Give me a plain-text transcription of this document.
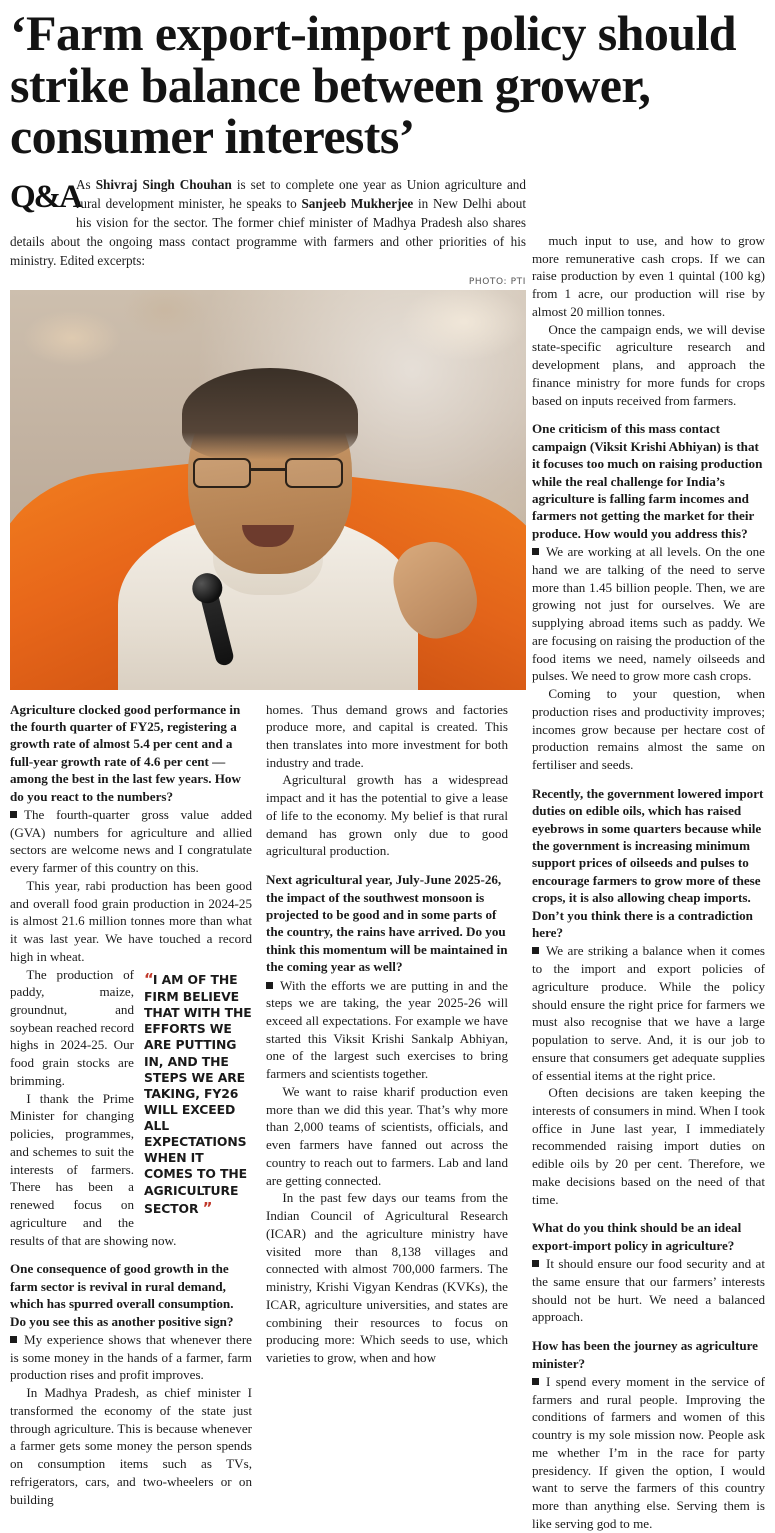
‘Farm export-import policy should strike balance between grower, consumer interests’
Q&A
As Shivraj Singh Chouhan is set to complete one year as Union agriculture and rural development minister, he speaks to Sanjeeb Mukherjee in New Delhi about his vision for the sector. The former chief minister of Madhya Pradesh also shares details about the ongoing mass contact programme with farmers and other priorities of his ministry. Edited excerpts:
PHOTO: PTI

much input to use, and how to grow more remunerative cash crops. If we can raise production by even 1 quintal (100 kg) from 1 acre, our production will rise by almost 20 million tonnes.

Once the campaign ends, we will devise state-specific agriculture research and development plans, and approach the finance ministry for more funds for crops based on inputs received from farmers.

One criticism of this mass contact campaign (Viksit Krishi Abhiyan) is that it focuses too much on raising production while the real challenge for India’s agriculture is falling farm incomes and farmers not getting the market for their produce. How would you address this?

We are working at all levels. On the one hand we are talking of the need to serve more than 1.45 billion people. Then, we are growing not just for ourselves. We are supplying abroad items such as paddy. We are focusing on raising the production of the food items we need, namely oilseeds and pulses. We need to grow more cash crops.

Coming to your question, when production rises and productivity improves; incomes grow because per hectare cost of production remains almost the same on fertiliser and seeds.

Recently, the government lowered import duties on edible oils, which has raised eyebrows in some quarters because while the government is increasing minimum support prices of oilseeds and pulses to encourage farmers to grow more of these crops, it is also allowing cheap imports. Don’t you think there is a contradiction here?

We are striking a balance when it comes to the import and export policies of agriculture produce. While the policy should ensure the right price for farmers we must also recognise that we have a large population to serve. And, it is our job to ensure that consumers get adequate supplies of essential items at the right price.

Often decisions are taken keeping the interests of consumers in mind. When I took office in June last year, I immediately recommended raising import duties on edible oils by 20 per cent. Therefore, we make decisions based on the need of that time.

What do you think should be an ideal export-import policy in agriculture?

It should ensure our food security and at the same ensure that our farmers’ interests should not be hurt. We need a balanced approach.

How has been the journey as agriculture minister?

I spend every moment in the service of farmers and rural people. Improving the conditions of farmers and women of this country is my sole mission now. People ask me whether I’m in the race for party presidency. If given the option, I would want to serve the farmers of this country more than anything else. Serving them is like serving god to me.

Agriculture clocked good performance in the fourth quarter of FY25, registering a growth rate of almost 5.4 per cent and a full-year growth rate of 4.6 per cent — among the best in the last few years. How do you react to the numbers?

The fourth-quarter gross value added (GVA) numbers for agriculture and allied sectors are welcome news and I congratulate every farmer of this country on this.

This year, rabi production has been good and overall food grain production in 2024-25 is almost 21.6 million tonnes more than what it was last year. We have touched a record high in wheat.

“I AM OF THE FIRM BELIEVE THAT WITH THE EFFORTS WE ARE PUTTING IN, AND THE STEPS WE ARE TAKING, FY26 WILL EXCEED ALL EXPECTATIONS WHEN IT COMES TO THE AGRICULTURE SECTOR ”

The production of paddy, maize, groundnut, and soybean reached record highs in 2024-25. Our food grain stocks are brimming.

I thank the Prime Minister for changing policies, programmes, and schemes to suit the interests of farmers. There has been a renewed focus on agriculture and the results of that are showing now.

One consequence of good growth in the farm sector is revival in rural demand, which has spurred overall consumption. Do you see this as another positive sign?

My experience shows that whenever there is some money in the hands of a farmer, farm production rises and profit improves.

In Madhya Pradesh, as chief minister I transformed the economy of the state just through agriculture. This is because whenever a farmer gets some money the person spends on consumption items such as TVs, refrigerators, cars, and two-wheelers or on building

homes. Thus demand grows and factories produce more, and capital is created. This then translates into more investment for both industry and trade.

Agricultural growth has a widespread impact and it has the potential to give a lease of life to the economy. My belief is that rural demand has grown only due to good agricultural production.

Next agricultural year, July-June 2025-26, the impact of the southwest monsoon is projected to be good and in some parts of the country, the rains have arrived. Do you think this momentum will be maintained in the coming year as well?

With the efforts we are putting in and the steps we are taking, the year 2025-26 will exceed all expectations. For example we have started this Viksit Krishi Sankalp Abhiyan, one of the largest such exercises to bring farmers and scientists together.

We want to raise kharif production even more than we did this year. That’s why more than 2,000 teams of scientists, officials, and even farmers have fanned out across the country to reach out to farmers. Lab and land are getting connected.

In the past few days our teams from the Indian Council of Agricultural Research (ICAR) and the agriculture ministry have visited more than 8,138 villages and connected with almost 700,000 farmers. The ministry, Krishi Vigyan Kendras (KVKs), the ICAR, agriculture universities, and states are combining their resources to focus on producing more: Which seeds to use, which varieties to grow, when and how
